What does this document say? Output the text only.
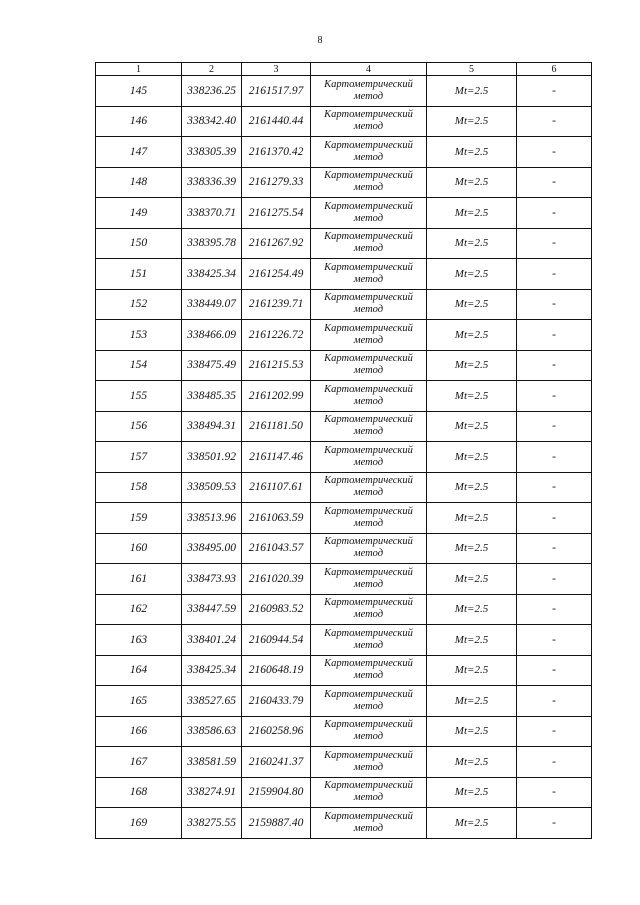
8
1	2	3	4	5	6
145	338236.25	2161517.97	Картометрический метод	Mt=2.5	-
146	338342.40	2161440.44	Картометрический метод	Mt=2.5	-
147	338305.39	2161370.42	Картометрический метод	Mt=2.5	-
148	338336.39	2161279.33	Картометрический метод	Mt=2.5	-
149	338370.71	2161275.54	Картометрический метод	Mt=2.5	-
150	338395.78	2161267.92	Картометрический метод	Mt=2.5	-
151	338425.34	2161254.49	Картометрический метод	Mt=2.5	-
152	338449.07	2161239.71	Картометрический метод	Mt=2.5	-
153	338466.09	2161226.72	Картометрический метод	Mt=2.5	-
154	338475.49	2161215.53	Картометрический метод	Mt=2.5	-
155	338485.35	2161202.99	Картометрический метод	Mt=2.5	-
156	338494.31	2161181.50	Картометрический метод	Mt=2.5	-
157	338501.92	2161147.46	Картометрический метод	Mt=2.5	-
158	338509.53	2161107.61	Картометрический метод	Mt=2.5	-
159	338513.96	2161063.59	Картометрический метод	Mt=2.5	-
160	338495.00	2161043.57	Картометрический метод	Mt=2.5	-
161	338473.93	2161020.39	Картометрический метод	Mt=2.5	-
162	338447.59	2160983.52	Картометрический метод	Mt=2.5	-
163	338401.24	2160944.54	Картометрический метод	Mt=2.5	-
164	338425.34	2160648.19	Картометрический метод	Mt=2.5	-
165	338527.65	2160433.79	Картометрический метод	Mt=2.5	-
166	338586.63	2160258.96	Картометрический метод	Mt=2.5	-
167	338581.59	2160241.37	Картометрический метод	Mt=2.5	-
168	338274.91	2159904.80	Картометрический метод	Mt=2.5	-
169	338275.55	2159887.40	Картометрический метод	Mt=2.5	-
